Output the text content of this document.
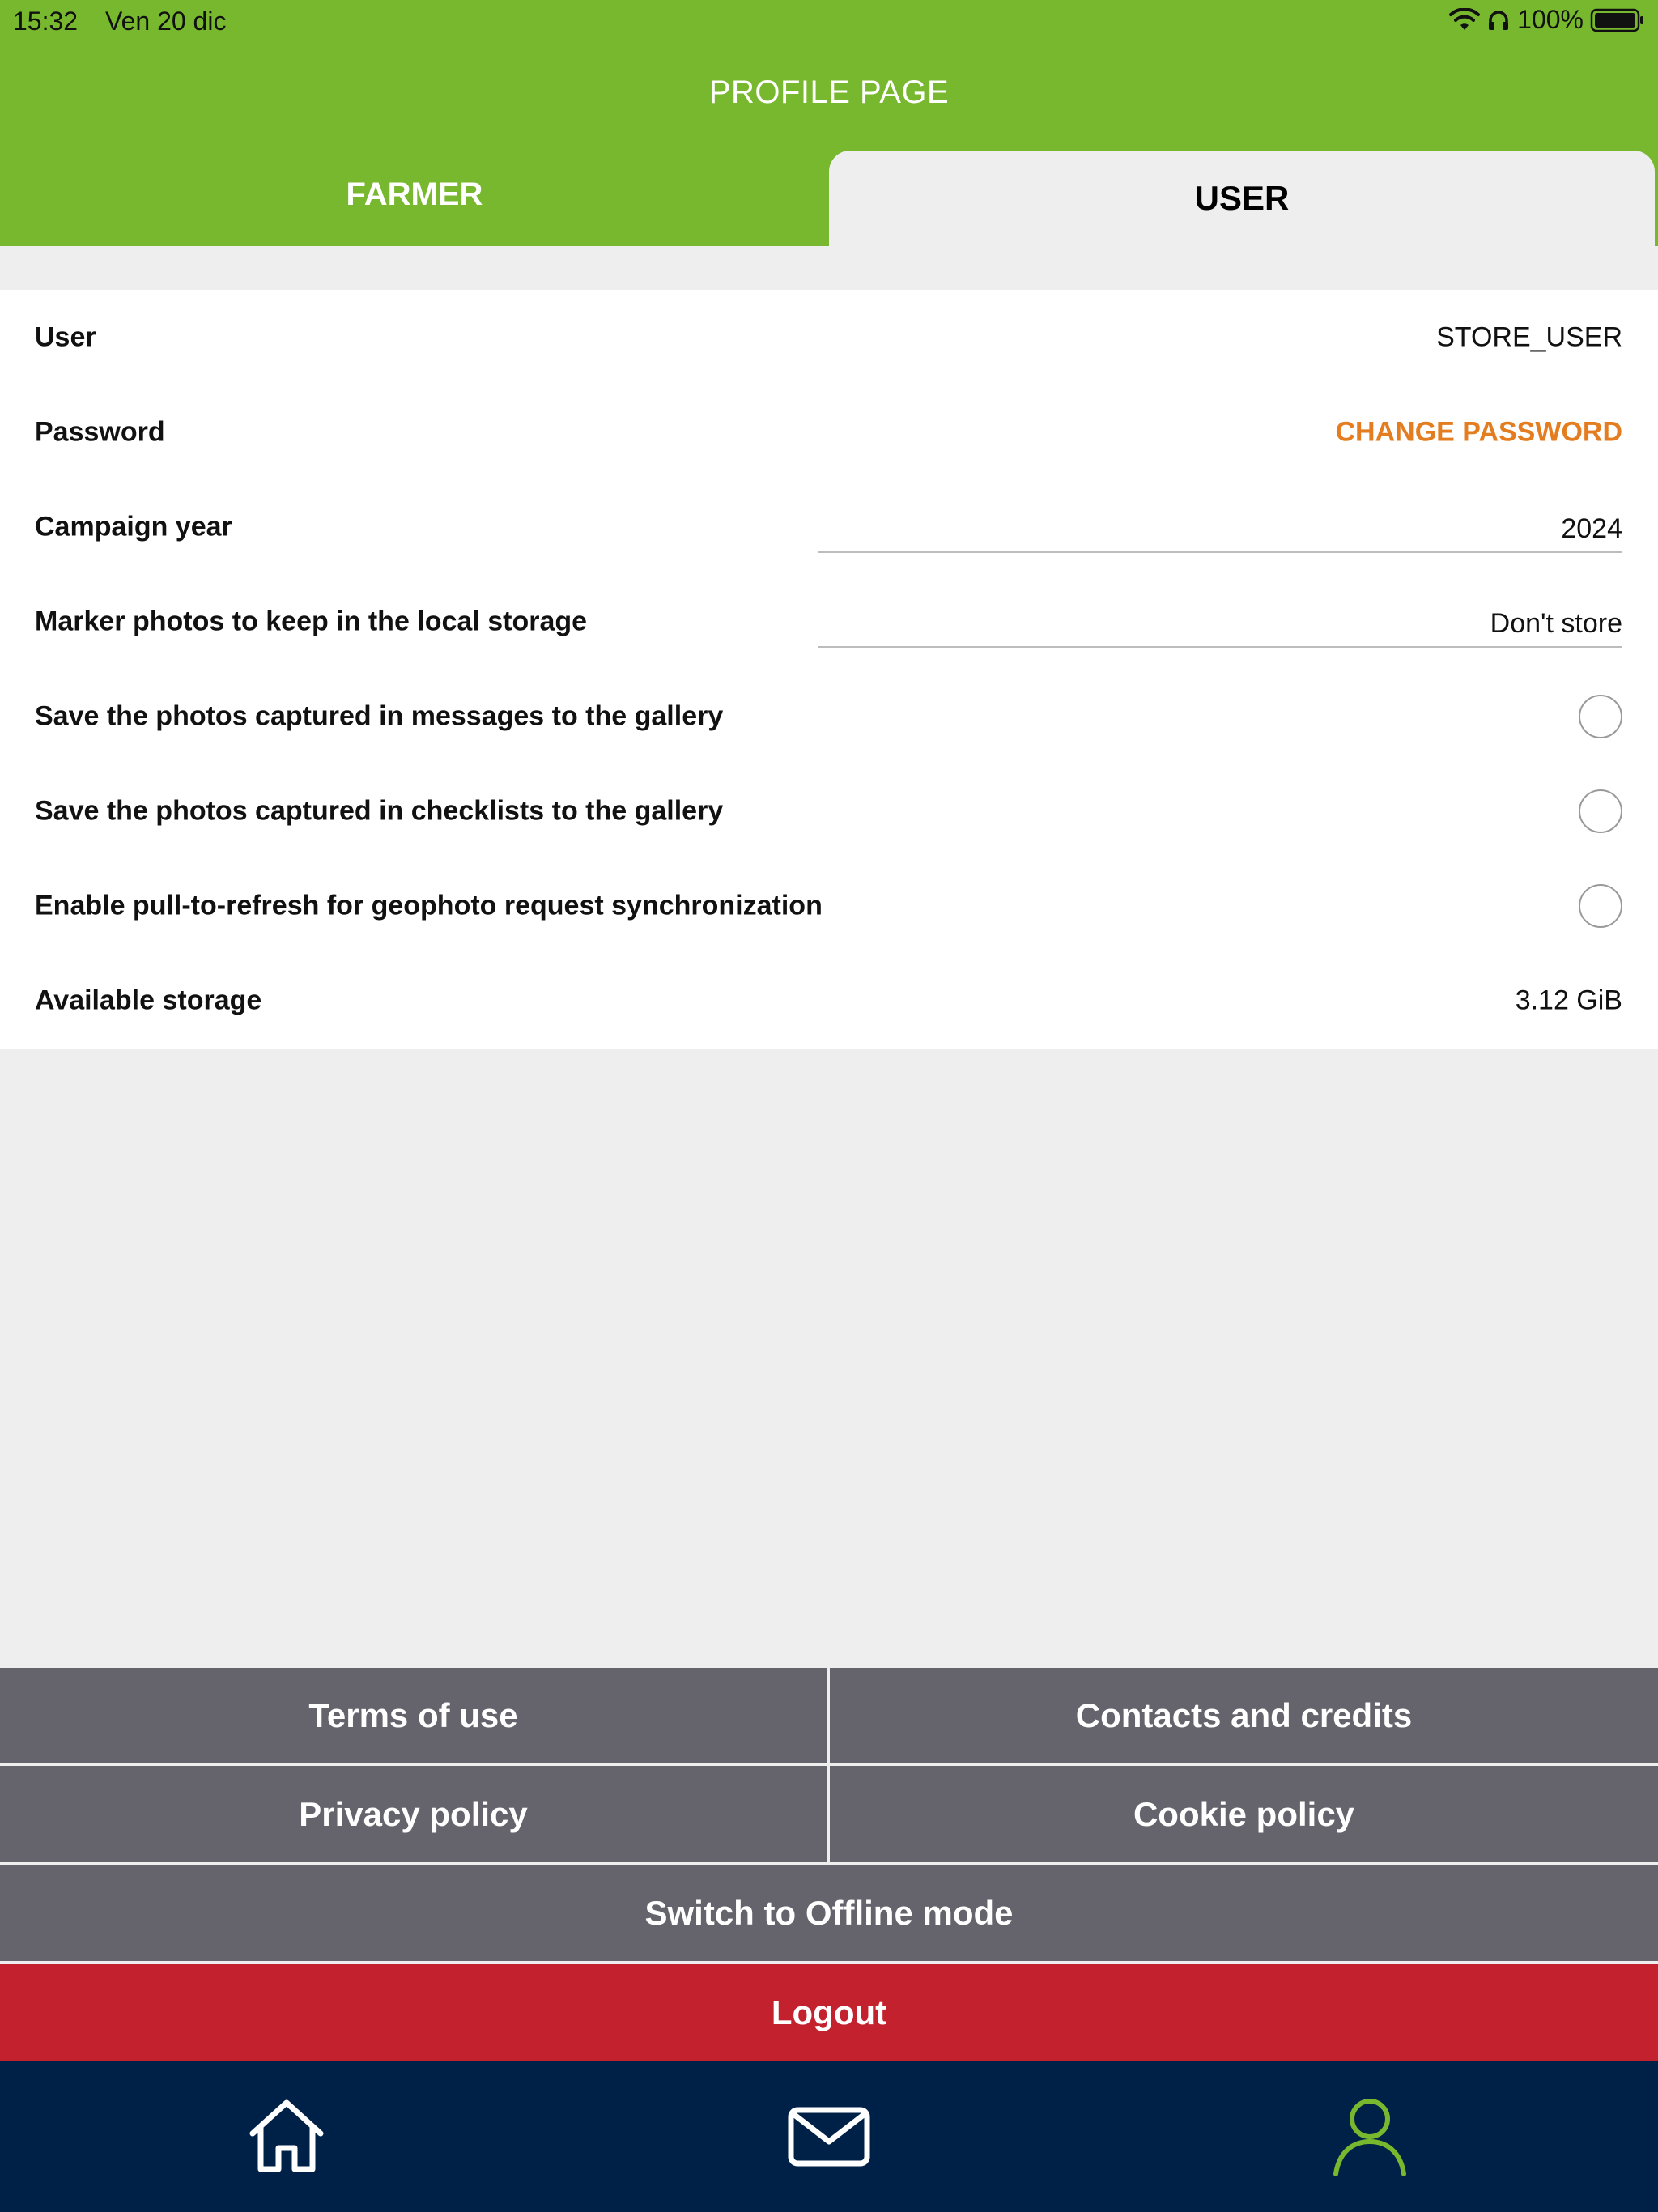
15:32 Ven 20 dic	100%
PROFILE PAGE
FARMER	USER
User	STORE_USER
Password	CHANGE PASSWORD
Campaign year	2024
Marker photos to keep in the local storage	Don't store
Save the photos captured in messages to the gallery
Save the photos captured in checklists to the gallery
Enable pull-to-refresh for geophoto request synchronization
Available storage	3.12 GiB
Terms of use	Contacts and credits
Privacy policy	Cookie policy
Switch to Offline mode
Logout
